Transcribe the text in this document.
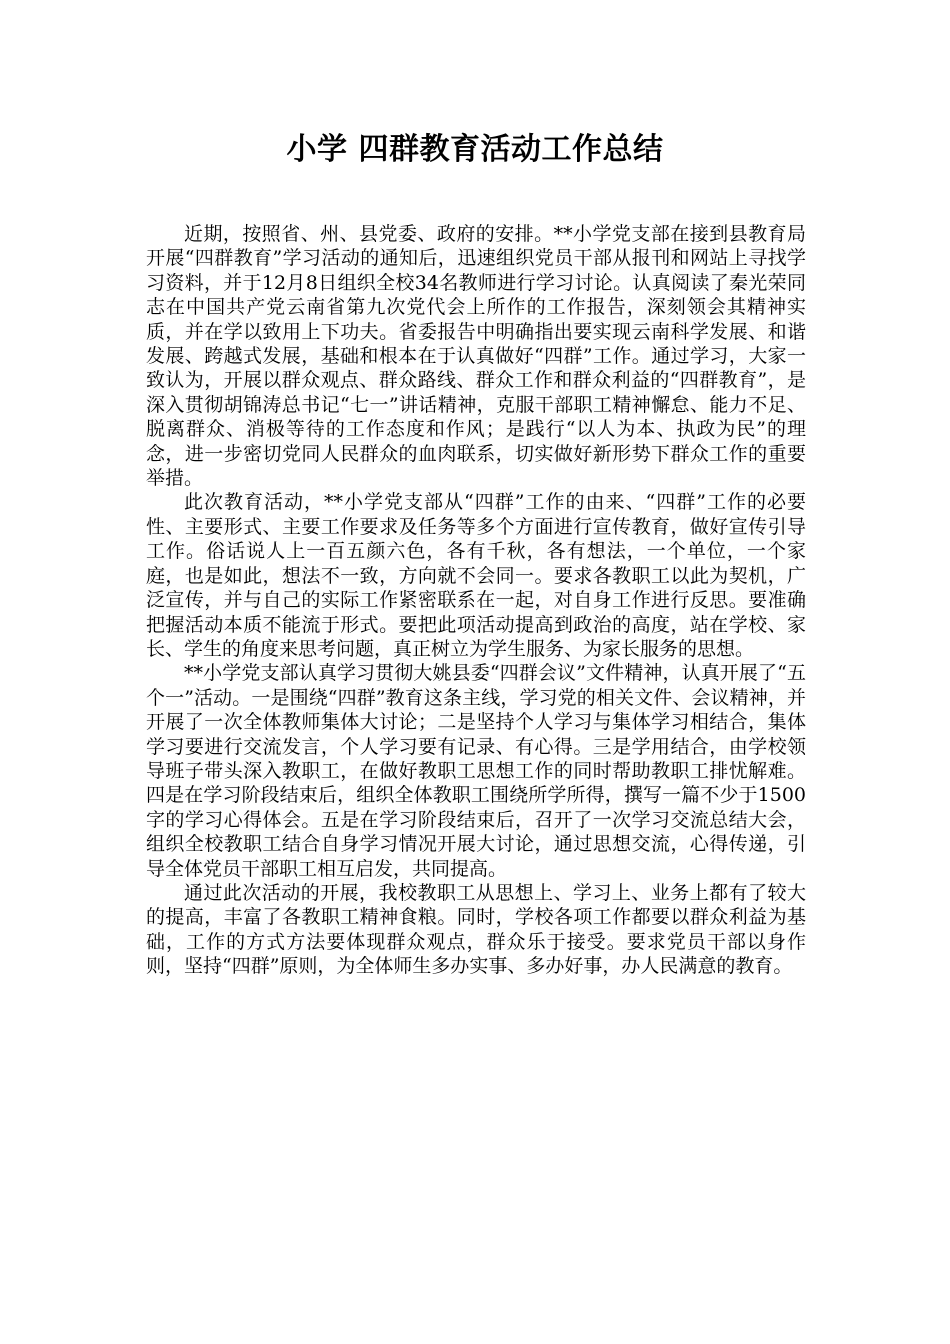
小学 四群教育活动工作总结

近期，按照省、州、县党委、政府的安排。**小学党支部在接到县教育局开展“四群教育”学习活动的通知后，迅速组织党员干部从报刊和网站上寻找学习资料，并于12月8日组织全校34名教师进行学习讨论。认真阅读了秦光荣同志在中国共产党云南省第九次党代会上所作的工作报告，深刻领会其精神实质，并在学以致用上下功夫。省委报告中明确指出要实现云南科学发展、和谐发展、跨越式发展，基础和根本在于认真做好“四群”工作。通过学习，大家一致认为，开展以群众观点、群众路线、群众工作和群众利益的“四群教育”，是深入贯彻胡锦涛总书记“七一”讲话精神，克服干部职工精神懈怠、能力不足、脱离群众、消极等待的工作态度和作风；是践行“以人为本、执政为民”的理念，进一步密切党同人民群众的血肉联系，切实做好新形势下群众工作的重要举措。

此次教育活动，**小学党支部从“四群”工作的由来、“四群”工作的必要性、主要形式、主要工作要求及任务等多个方面进行宣传教育，做好宣传引导工作。俗话说人上一百五颜六色，各有千秋，各有想法，一个单位，一个家庭，也是如此，想法不一致，方向就不会同一。要求各教职工以此为契机，广泛宣传，并与自己的实际工作紧密联系在一起，对自身工作进行反思。要准确把握活动本质不能流于形式。要把此项活动提高到政治的高度，站在学校、家长、学生的角度来思考问题，真正树立为学生服务、为家长服务的思想。

**小学党支部认真学习贯彻大姚县委“四群会议”文件精神，认真开展了“五个一”活动。一是围绕“四群”教育这条主线，学习党的相关文件、会议精神，并开展了一次全体教师集体大讨论；二是坚持个人学习与集体学习相结合，集体学习要进行交流发言，个人学习要有记录、有心得。三是学用结合，由学校领导班子带头深入教职工，在做好教职工思想工作的同时帮助教职工排忧解难。四是在学习阶段结束后，组织全体教职工围绕所学所得，撰写一篇不少于1500字的学习心得体会。五是在学习阶段结束后，召开了一次学习交流总结大会，组织全校教职工结合自身学习情况开展大讨论，通过思想交流，心得传递，引导全体党员干部职工相互启发，共同提高。

通过此次活动的开展，我校教职工从思想上、学习上、业务上都有了较大的提高，丰富了各教职工精神食粮。同时，学校各项工作都要以群众利益为基础，工作的方式方法要体现群众观点，群众乐于接受。要求党员干部以身作则，坚持“四群”原则，为全体师生多办实事、多办好事，办人民满意的教育。
